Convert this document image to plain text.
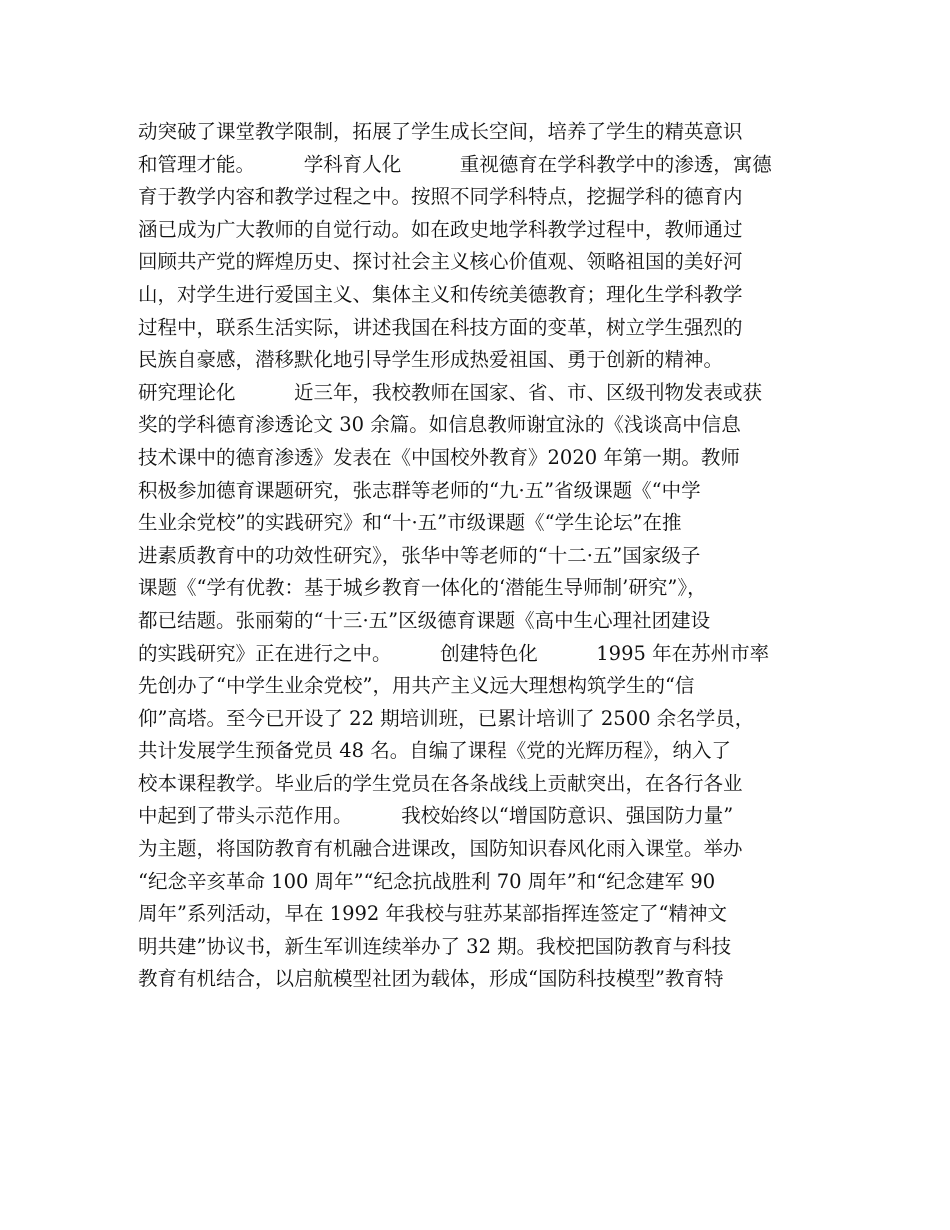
动突破了课堂教学限制，拓展了学生成长空间，培养了学生的精英意识
和管理才能。　　　学科育人化　　　重视德育在学科教学中的渗透，寓德
育于教学内容和教学过程之中。按照不同学科特点，挖掘学科的德育内
涵已成为广大教师的自觉行动。如在政史地学科教学过程中，教师通过
回顾共产党的辉煌历史、探讨社会主义核心价值观、领略祖国的美好河
山，对学生进行爱国主义、集体主义和传统美德教育；理化生学科教学
过程中，联系生活实际，讲述我国在科技方面的变革，树立学生强烈的
民族自豪感，潜移默化地引导学生形成热爱祖国、勇于创新的精神。
研究理论化　　　近三年，我校教师在国家、省、市、区级刊物发表或获
奖的学科德育渗透论文 30 余篇。如信息教师谢宜泳的《浅谈高中信息
技术课中的德育渗透》发表在《中国校外教育》2020 年第一期。教师
积极参加德育课题研究，张志群等老师的“九·五”省级课题《“中学
生业余党校”的实践研究》和“十·五”市级课题《“学生论坛”在推
进素质教育中的功效性研究》，张华中等老师的“十二·五”国家级子
课题《“学有优教：基于城乡教育一体化的‘潜能生导师制’研究”》，
都已结题。张丽菊的“十三·五”区级德育课题《高中生心理社团建设
的实践研究》正在进行之中。　　　创建特色化　　　1995 年在苏州市率
先创办了“中学生业余党校”，用共产主义远大理想构筑学生的“信
仰”高塔。至今已开设了 22 期培训班，已累计培训了 2500 余名学员，
共计发展学生预备党员 48 名。自编了课程《党的光辉历程》，纳入了
校本课程教学。毕业后的学生党员在各条战线上贡献突出，在各行各业
中起到了带头示范作用。　　　我校始终以“增国防意识、强国防力量”
为主题，将国防教育有机融合进课改，国防知识春风化雨入课堂。举办
“纪念辛亥革命 100 周年”“纪念抗战胜利 70 周年”和“纪念建军 90
周年”系列活动，早在 1992 年我校与驻苏某部指挥连签定了“精神文
明共建”协议书，新生军训连续举办了 32 期。我校把国防教育与科技
教育有机结合，以启航模型社团为载体，形成“国防科技模型”教育特
